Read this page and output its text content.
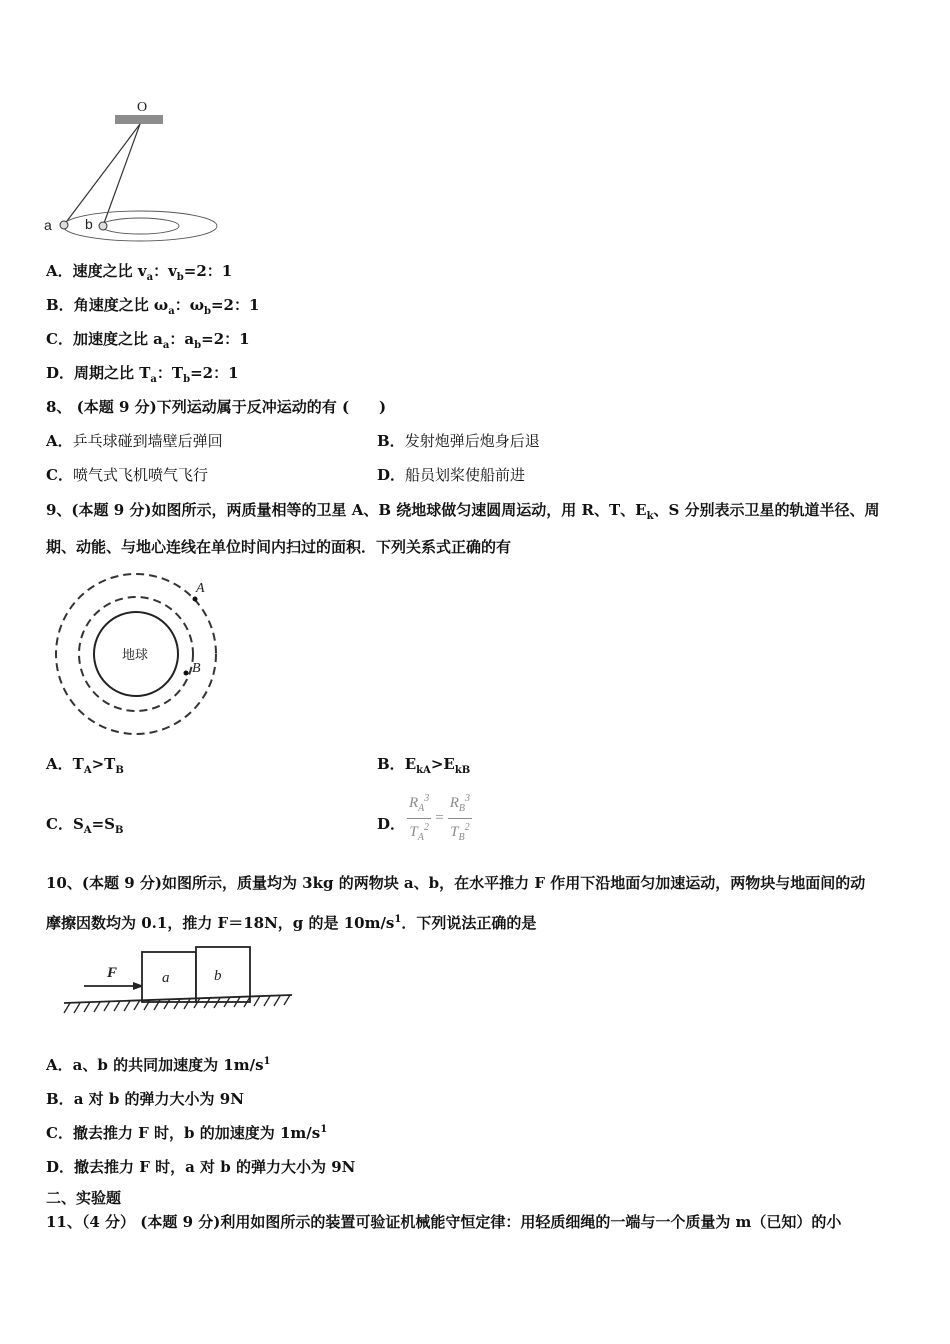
O
a b
A．速度之比 $v_a$：$v_b=2$：1
B．角速度之比 $\omega_a$：$\omega_b=2$：1
C．加速度之比 $a_a$：$a_b=2$：1
D．周期之比 $T_a$：$T_b=2$：1
8、 (本题 9 分)下列运动属于反冲运动的有 (　　)
A．乒乓球碰到墙壁后弹回	B．发射炮弹后炮身后退
C．喷气式飞机喷气飞行	D．船员划桨使船前进
9、(本题 9 分)如图所示，两质量相等的卫星 A、B 绕地球做匀速圆周运动，用 R、T、$E_k$、S 分别表示卫星的轨道半径、周
期、动能、与地心连线在单位时间内扫过的面积．下列关系式正确的有
地球
A
B
A．$T_A>T_B$	B．$E_{kA}>E_{kB}$
C．$S_A=S_B$	D． $\frac{R_A^3}{T_A^2} = \frac{R_B^3}{T_B^2}$
10、(本题 9 分)如图所示，质量均为 3kg 的两物块 a、b，在水平推力 F 作用下沿地面匀加速运动，两物块与地面间的动
摩擦因数均为 0.1，推力 F＝18N，g 的是 $10m/s^1$．下列说法正确的是
F	a	b
A．a、b 的共同加速度为 $1m/s^1$
B．a 对 b 的弹力大小为 9N
C．撤去推力 F 时，b 的加速度为 $1m/s^1$
D．撤去推力 F 时，a 对 b 的弹力大小为 9N
二、实验题
11、（4 分） (本题 9 分)利用如图所示的装置可验证机械能守恒定律：用轻质细绳的一端与一个质量为 m（已知）的小
